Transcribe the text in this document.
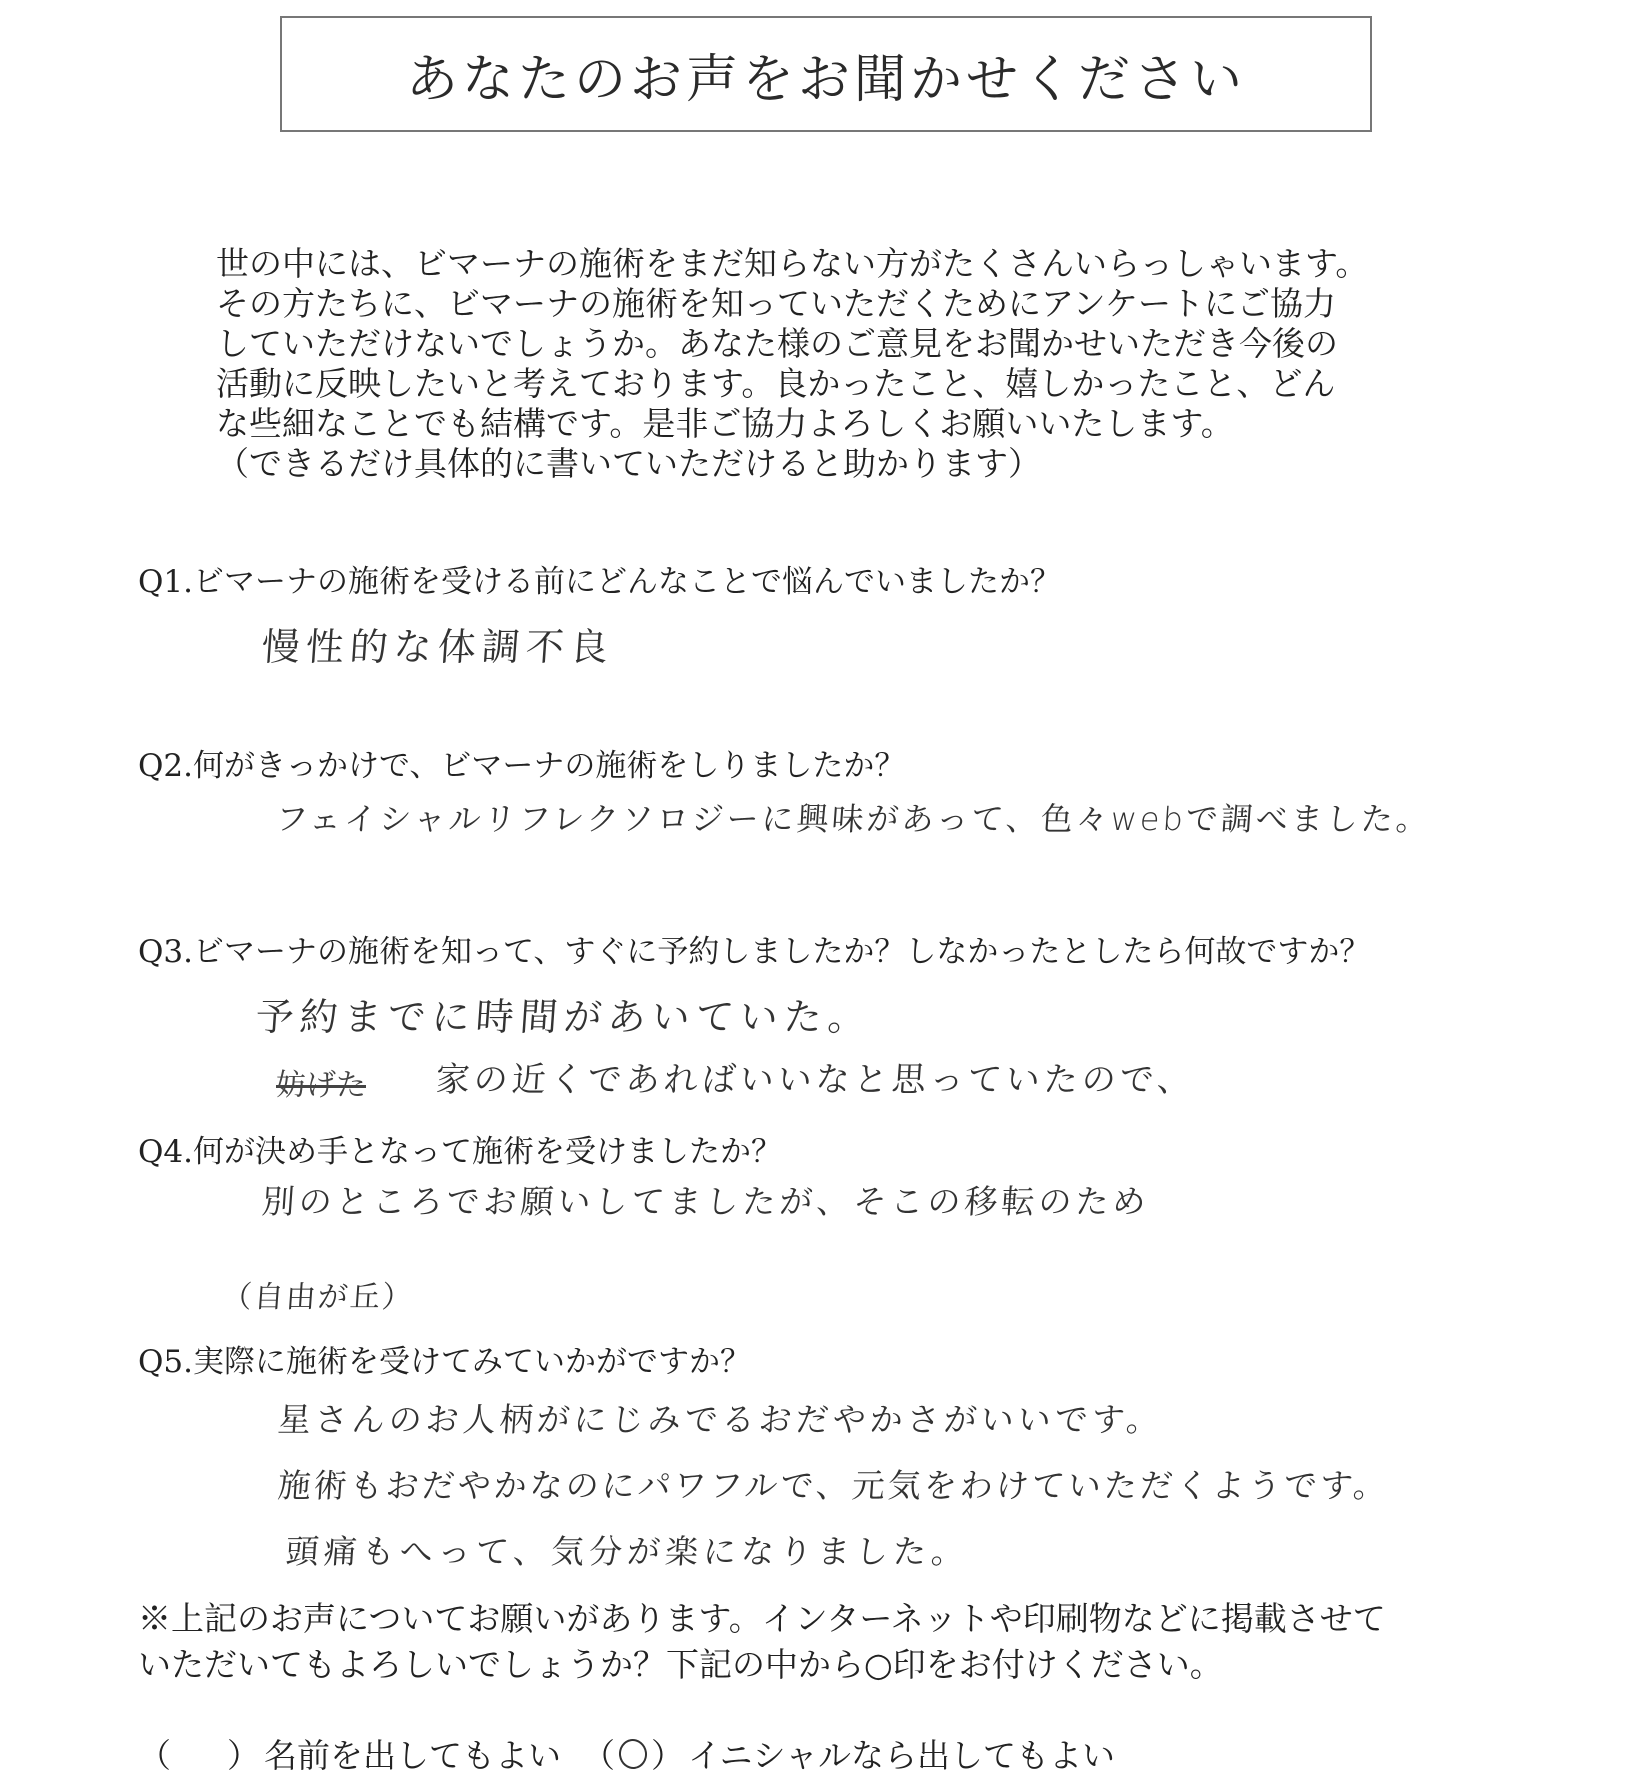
あなたのお声をお聞かせください
世の中には、ビマーナの施術をまだ知らない方がたくさんいらっしゃいます。
その方たちに、ビマーナの施術を知っていただくためにアンケートにご協力
していただけないでしょうか。あなた様のご意見をお聞かせいただき今後の
活動に反映したいと考えております。良かったこと、嬉しかったこと、どん
な些細なことでも結構です。是非ご協力よろしくお願いいたします。
（できるだけ具体的に書いていただけると助かります）
Q1.ビマーナの施術を受ける前にどんなことで悩んでいましたか？
慢性的な体調不良
Q2.何がきっかけで、ビマーナの施術をしりましたか？
フェイシャルリフレクソロジーに興味があって、色々webで調べました。
Q3.ビマーナの施術を知って、すぐに予約しましたか？しなかったとしたら何故ですか？
予約までに時間があいていた。
妨げた 家の近くであればいいなと思っていたので、
Q4.何が決め手となって施術を受けましたか？
別のところでお願いしてましたが、そこの移転のため
（自由が丘）
Q5.実際に施術を受けてみていかがですか？
星さんのお人柄がにじみでるおだやかさがいいです。
施術もおだやかなのにパワフルで、元気をわけていただくようです。
頭痛もへって、気分が楽になりました。
※上記のお声についてお願いがあります。インターネットや印刷物などに掲載させて
いただいてもよろしいでしょうか？下記の中から○印をお付けください。
（ ） 名前を出してもよい （ ） イニシャルなら出してもよい
